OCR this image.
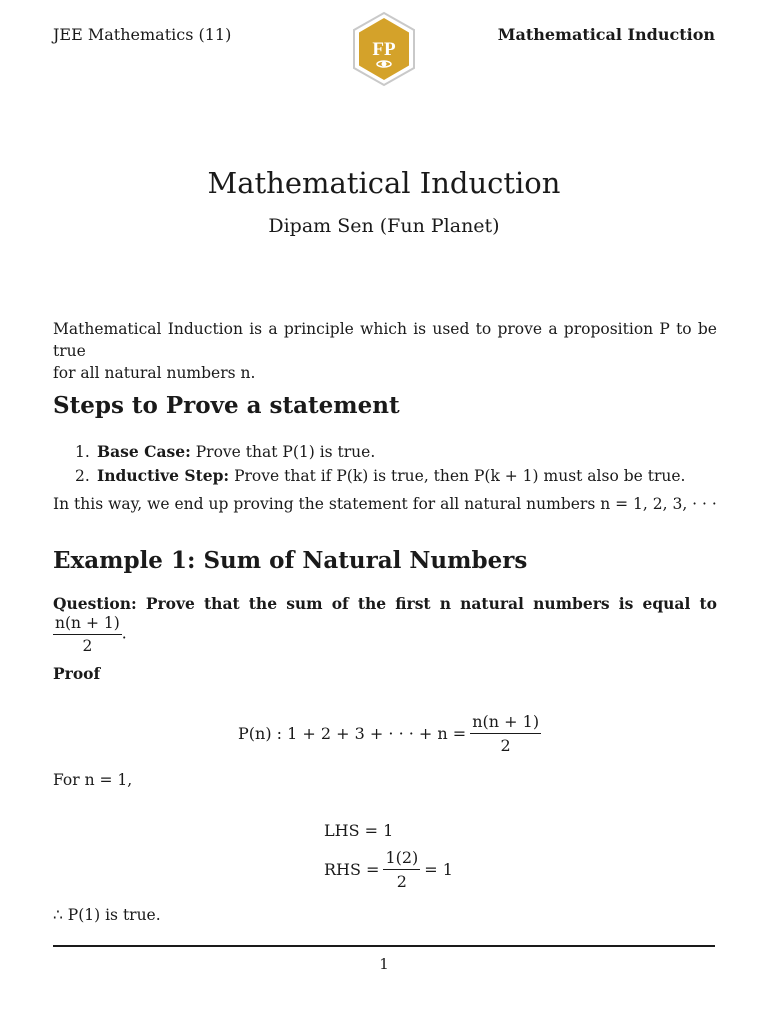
JEE Mathematics (11)
FP
Mathematical Induction
Mathematical Induction
Dipam Sen (Fun Planet)
Mathematical Induction is a principle which is used to prove a proposition P to be true
for all natural numbers n.
Steps to Prove a statement
1. Base Case: Prove that P(1) is true.
2. Inductive Step: Prove that if P(k) is true, then P(k + 1) must also be true.
In this way, we end up proving the statement for all natural numbers n = 1, 2, 3, · · ·
Example 1: Sum of Natural Numbers
Question: Prove that the sum of the first n natural numbers is equal to
$\frac{n(n + 1)}{2}$ .
Proof
P(n) : 1 + 2 + 3 + · · · + $n = \frac{n(n + 1)}{2}$
For n = 1,
LHS = 1
RHS = $\frac{1(2)}{2} = 1$
∴ P(1) is true.
1
